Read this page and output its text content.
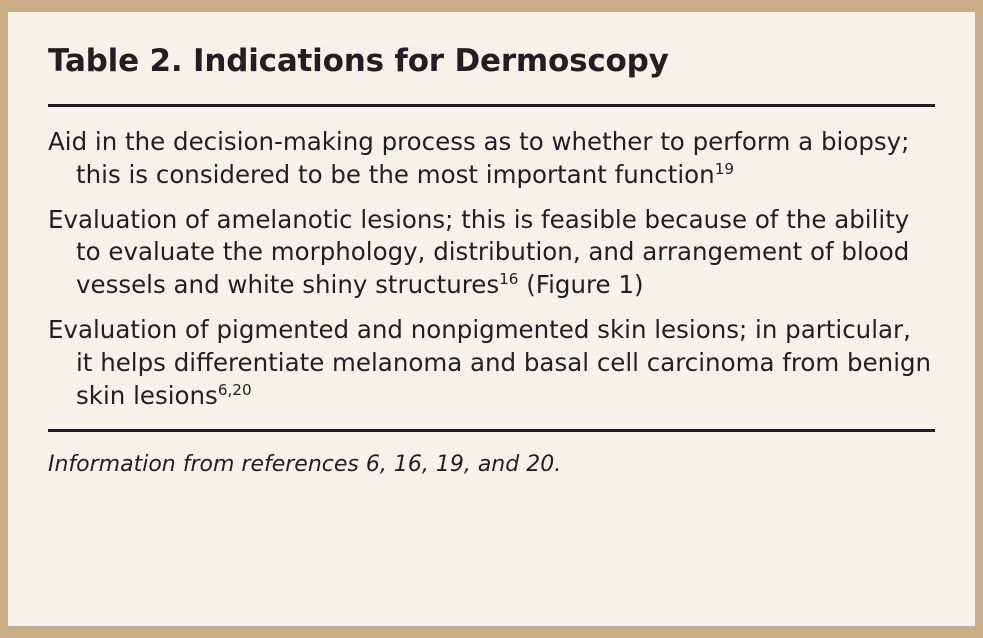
Table 2. Indications for Dermoscopy

Aid in the decision-making process as to whether to perform a biopsy; this is considered to be the most important function$^{19}$

Evaluation of amelanotic lesions; this is feasible because of the ability to evaluate the morphology, distribution, and arrangement of blood vessels and white shiny structures$^{16}$ (Figure 1)

Evaluation of pigmented and nonpigmented skin lesions; in particular, it helps differentiate melanoma and basal cell carcinoma from benign skin lesions$^{6,20}$

Information from references 6, 16, 19, and 20.
